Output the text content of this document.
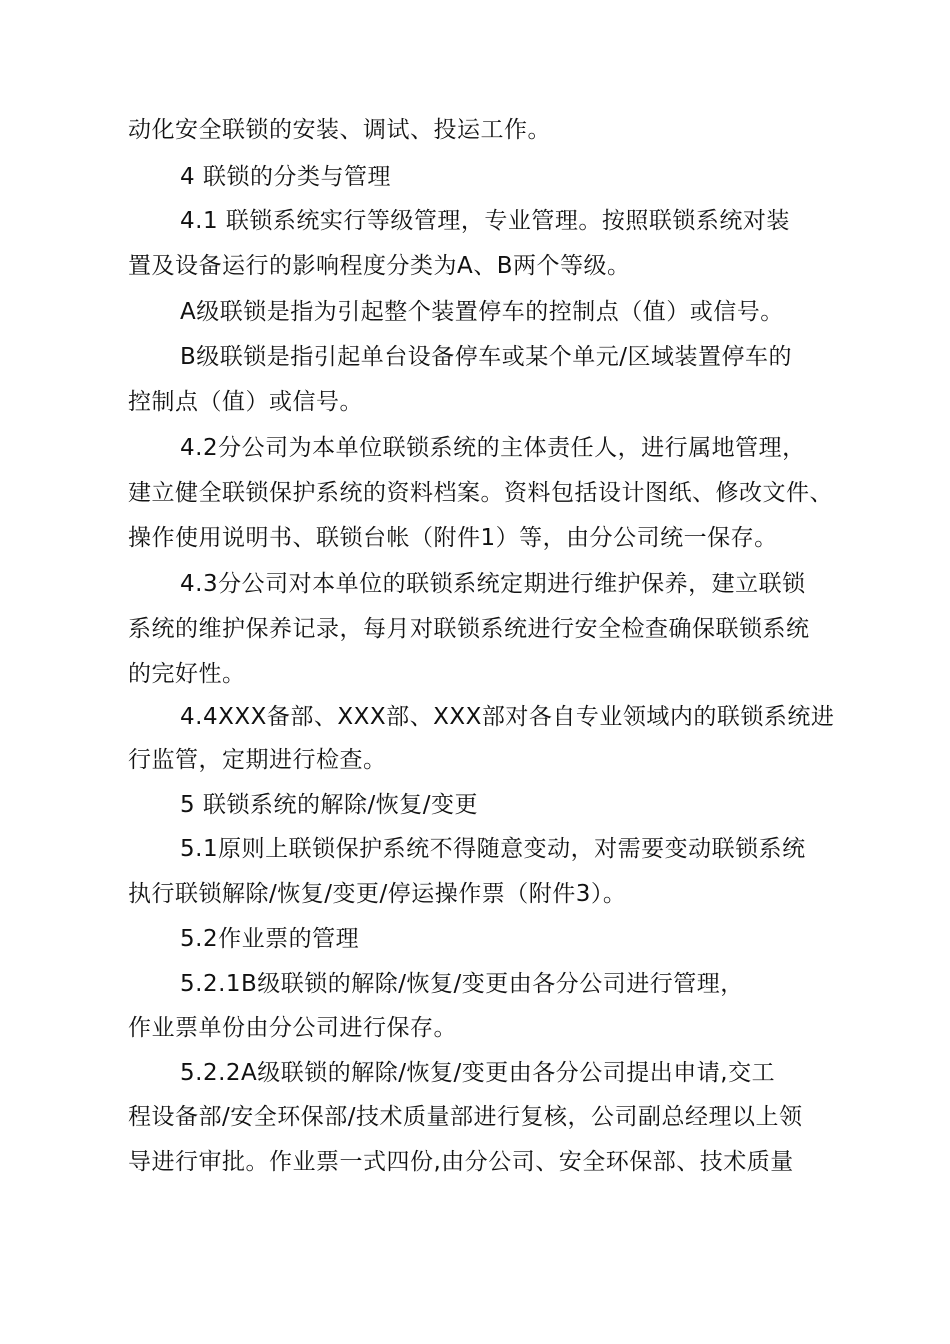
动化安全联锁的安装、调试、投运工作。
4 联锁的分类与管理
4.1 联锁系统实行等级管理，专业管理。按照联锁系统对装
置及设备运行的影响程度分类为A、B两个等级。
A级联锁是指为引起整个装置停车的控制点（值）或信号。
B级联锁是指引起单台设备停车或某个单元/区域装置停车的
控制点（值）或信号。
4.2分公司为本单位联锁系统的主体责任人，进行属地管理，
建立健全联锁保护系统的资料档案。资料包括设计图纸、修改文件、
操作使用说明书、联锁台帐（附件1）等，由分公司统一保存。
4.3分公司对本单位的联锁系统定期进行维护保养，建立联锁
系统的维护保养记录，每月对联锁系统进行安全检查确保联锁系统
的完好性。
4.4XXX备部、XXX部、XXX部对各自专业领域内的联锁系统进
行监管，定期进行检查。
5 联锁系统的解除/恢复/变更
5.1原则上联锁保护系统不得随意变动，对需要变动联锁系统
执行联锁解除/恢复/变更/停运操作票（附件3）。
5.2作业票的管理
5.2.1B级联锁的解除/恢复/变更由各分公司进行管理，
作业票单份由分公司进行保存。
5.2.2A级联锁的解除/恢复/变更由各分公司提出申请,交工
程设备部/安全环保部/技术质量部进行复核，公司副总经理以上领
导进行审批。作业票一式四份,由分公司、安全环保部、技术质量
